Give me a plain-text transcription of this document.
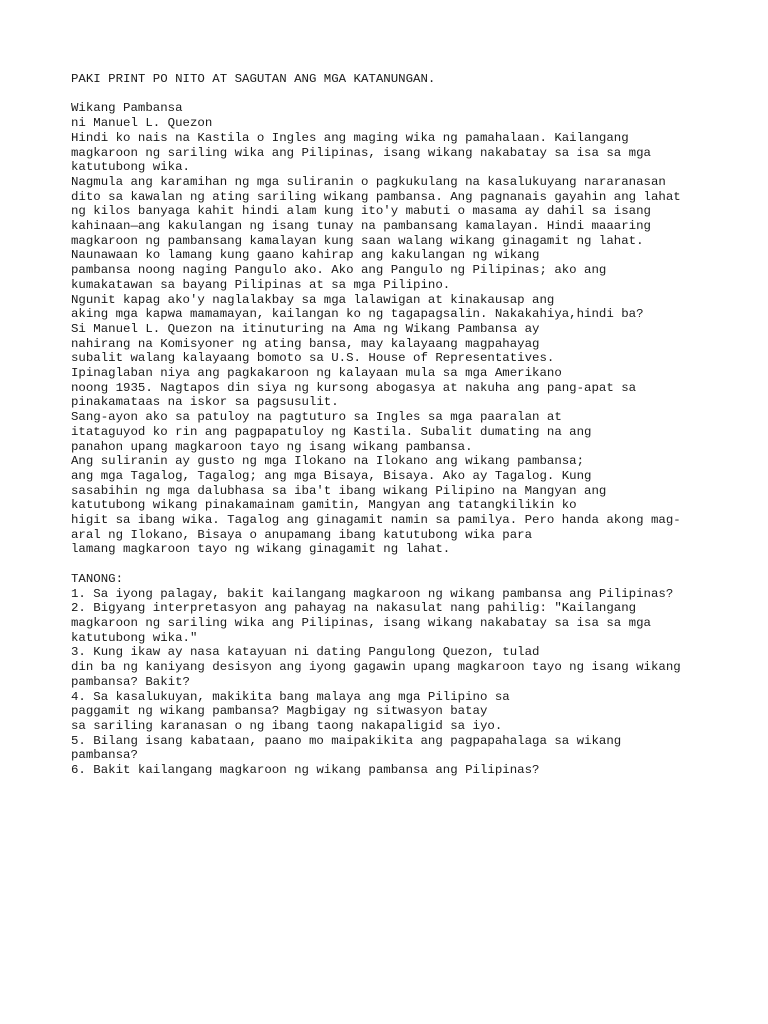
PAKI PRINT PO NITO AT SAGUTAN ANG MGA KATANUNGAN.
Wikang Pambansa
ni Manuel L. Quezon
Hindi ko nais na Kastila o Ingles ang maging wika ng pamahalaan. Kailangang
magkaroon ng sariling wika ang Pilipinas, isang wikang nakabatay sa isa sa mga
katutubong wika.
Nagmula ang karamihan ng mga suliranin o pagkukulang na kasalukuyang nararanasan
dito sa kawalan ng ating sariling wikang pambansa. Ang pagnanais gayahin ang lahat
ng kilos banyaga kahit hindi alam kung ito'y mabuti o masama ay dahil sa isang
kahinaan—ang kakulangan ng isang tunay na pambansang kamalayan. Hindi maaaring
magkaroon ng pambansang kamalayan kung saan walang wikang ginagamit ng lahat.
Naunawaan ko lamang kung gaano kahirap ang kakulangan ng wikang
pambansa noong naging Pangulo ako. Ako ang Pangulo ng Pilipinas; ako ang
kumakatawan sa bayang Pilipinas at sa mga Pilipino.
Ngunit kapag ako'y naglalakbay sa mga lalawigan at kinakausap ang
aking mga kapwa mamamayan, kailangan ko ng tagapagsalin. Nakakahiya,hindi ba?
Si Manuel L. Quezon na itinuturing na Ama ng Wikang Pambansa ay
nahirang na Komisyoner ng ating bansa, may kalayaang magpahayag
subalit walang kalayaang bomoto sa U.S. House of Representatives.
Ipinaglaban niya ang pagkakaroon ng kalayaan mula sa mga Amerikano
noong 1935. Nagtapos din siya ng kursong abogasya at nakuha ang pang-apat sa
pinakamataas na iskor sa pagsusulit.
Sang-ayon ako sa patuloy na pagtuturo sa Ingles sa mga paaralan at
itataguyod ko rin ang pagpapatuloy ng Kastila. Subalit dumating na ang
panahon upang magkaroon tayo ng isang wikang pambansa.
Ang suliranin ay gusto ng mga Ilokano na Ilokano ang wikang pambansa;
ang mga Tagalog, Tagalog; ang mga Bisaya, Bisaya. Ako ay Tagalog. Kung
sasabihin ng mga dalubhasa sa iba't ibang wikang Pilipino na Mangyan ang
katutubong wikang pinakamainam gamitin, Mangyan ang tatangkilikin ko
higit sa ibang wika. Tagalog ang ginagamit namin sa pamilya. Pero handa akong mag-
aral ng Ilokano, Bisaya o anupamang ibang katutubong wika para
lamang magkaroon tayo ng wikang ginagamit ng lahat.
TANONG:
1. Sa iyong palagay, bakit kailangang magkaroon ng wikang pambansa ang Pilipinas?
2. Bigyang interpretasyon ang pahayag na nakasulat nang pahilig: "Kailangang
magkaroon ng sariling wika ang Pilipinas, isang wikang nakabatay sa isa sa mga
katutubong wika."
3. Kung ikaw ay nasa katayuan ni dating Pangulong Quezon, tulad
din ba ng kaniyang desisyon ang iyong gagawin upang magkaroon tayo ng isang wikang
pambansa? Bakit?
4. Sa kasalukuyan, makikita bang malaya ang mga Pilipino sa
paggamit ng wikang pambansa? Magbigay ng sitwasyon batay
sa sariling karanasan o ng ibang taong nakapaligid sa iyo.
5. Bilang isang kabataan, paano mo maipakikita ang pagpapahalaga sa wikang
pambansa?
6. Bakit kailangang magkaroon ng wikang pambansa ang Pilipinas?
